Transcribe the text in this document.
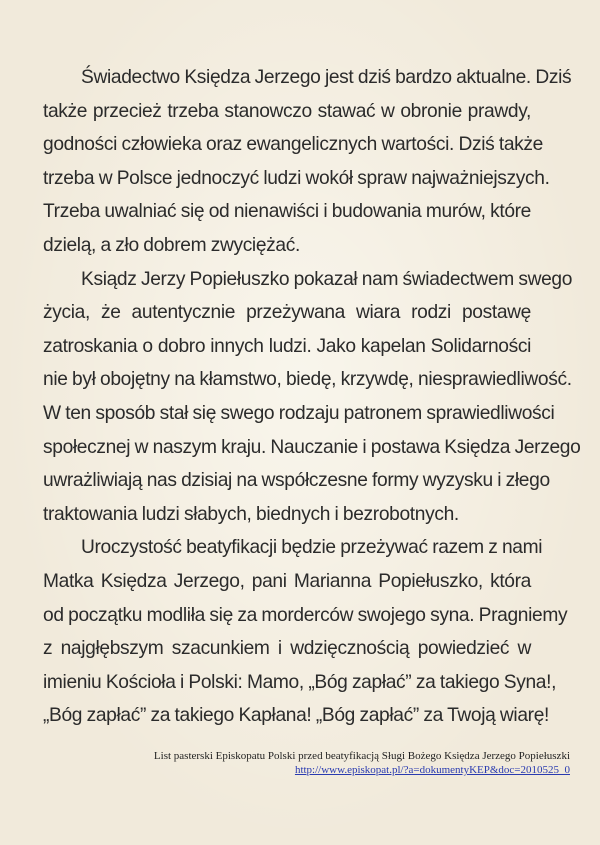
Świadectwo Księdza Jerzego jest dziś bardzo aktualne. Dziś
także przecież trzeba stanowczo stawać w obronie prawdy,
godności człowieka oraz ewangelicznych wartości. Dziś także
trzeba w Polsce jednoczyć ludzi wokół spraw najważniejszych.
Trzeba uwalniać się od nienawiści i budowania murów, które
dzielą, a zło dobrem zwyciężać.
Ksiądz Jerzy Popiełuszko pokazał nam świadectwem swego
życia, że autentycznie przeżywana wiara rodzi postawę
zatroskania o dobro innych ludzi. Jako kapelan Solidarności
nie był obojętny na kłamstwo, biedę, krzywdę, niesprawiedliwość.
W ten sposób stał się swego rodzaju patronem sprawiedliwości
społecznej w naszym kraju. Nauczanie i postawa Księdza Jerzego
uwrażliwiają nas dzisiaj na współczesne formy wyzysku i złego
traktowania ludzi słabych, biednych i bezrobotnych.
Uroczystość beatyfikacji będzie przeżywać razem z nami
Matka Księdza Jerzego, pani Marianna Popiełuszko, która
od początku modliła się za morderców swojego syna. Pragniemy
z najgłębszym szacunkiem i wdzięcznością powiedzieć w
imieniu Kościoła i Polski: Mamo, „Bóg zapłać” za takiego Syna!,
„Bóg zapłać” za takiego Kapłana! „Bóg zapłać” za Twoją wiarę!
List pasterski Episkopatu Polski przed beatyfikacją Sługi Bożego Księdza Jerzego Popiełuszki
http://www.episkopat.pl/?a=dokumentyKEP&doc=2010525_0
